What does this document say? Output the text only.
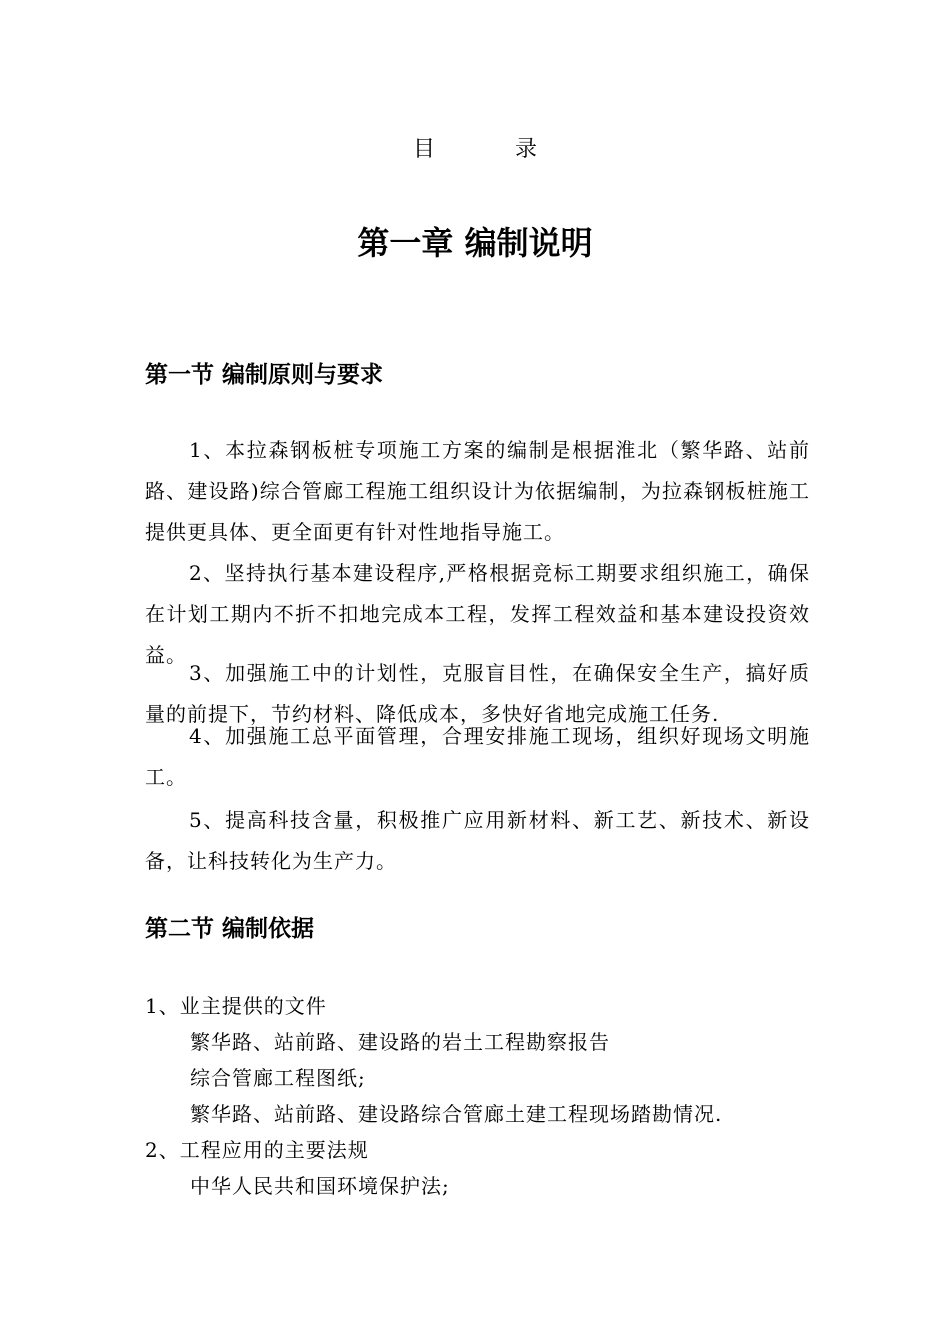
目	录
第一章 编制说明
第一节 编制原则与要求
1、本拉森钢板桩专项施工方案的编制是根据淮北（繁华路、站前路、建设路)综合管廊工程施工组织设计为依据编制，为拉森钢板桩施工提供更具体、更全面更有针对性地指导施工。
2、坚持执行基本建设程序,严格根据竞标工期要求组织施工，确保在计划工期内不折不扣地完成本工程，发挥工程效益和基本建设投资效益。
3、加强施工中的计划性，克服盲目性，在确保安全生产，搞好质量的前提下，节约材料、降低成本，多快好省地完成施工任务.
4、加强施工总平面管理，合理安排施工现场，组织好现场文明施工。
5、提高科技含量，积极推广应用新材料、新工艺、新技术、新设备，让科技转化为生产力。
第二节 编制依据
1、业主提供的文件
繁华路、站前路、建设路的岩土工程勘察报告
综合管廊工程图纸;
繁华路、站前路、建设路综合管廊土建工程现场踏勘情况.
2、工程应用的主要法规
中华人民共和国环境保护法;
